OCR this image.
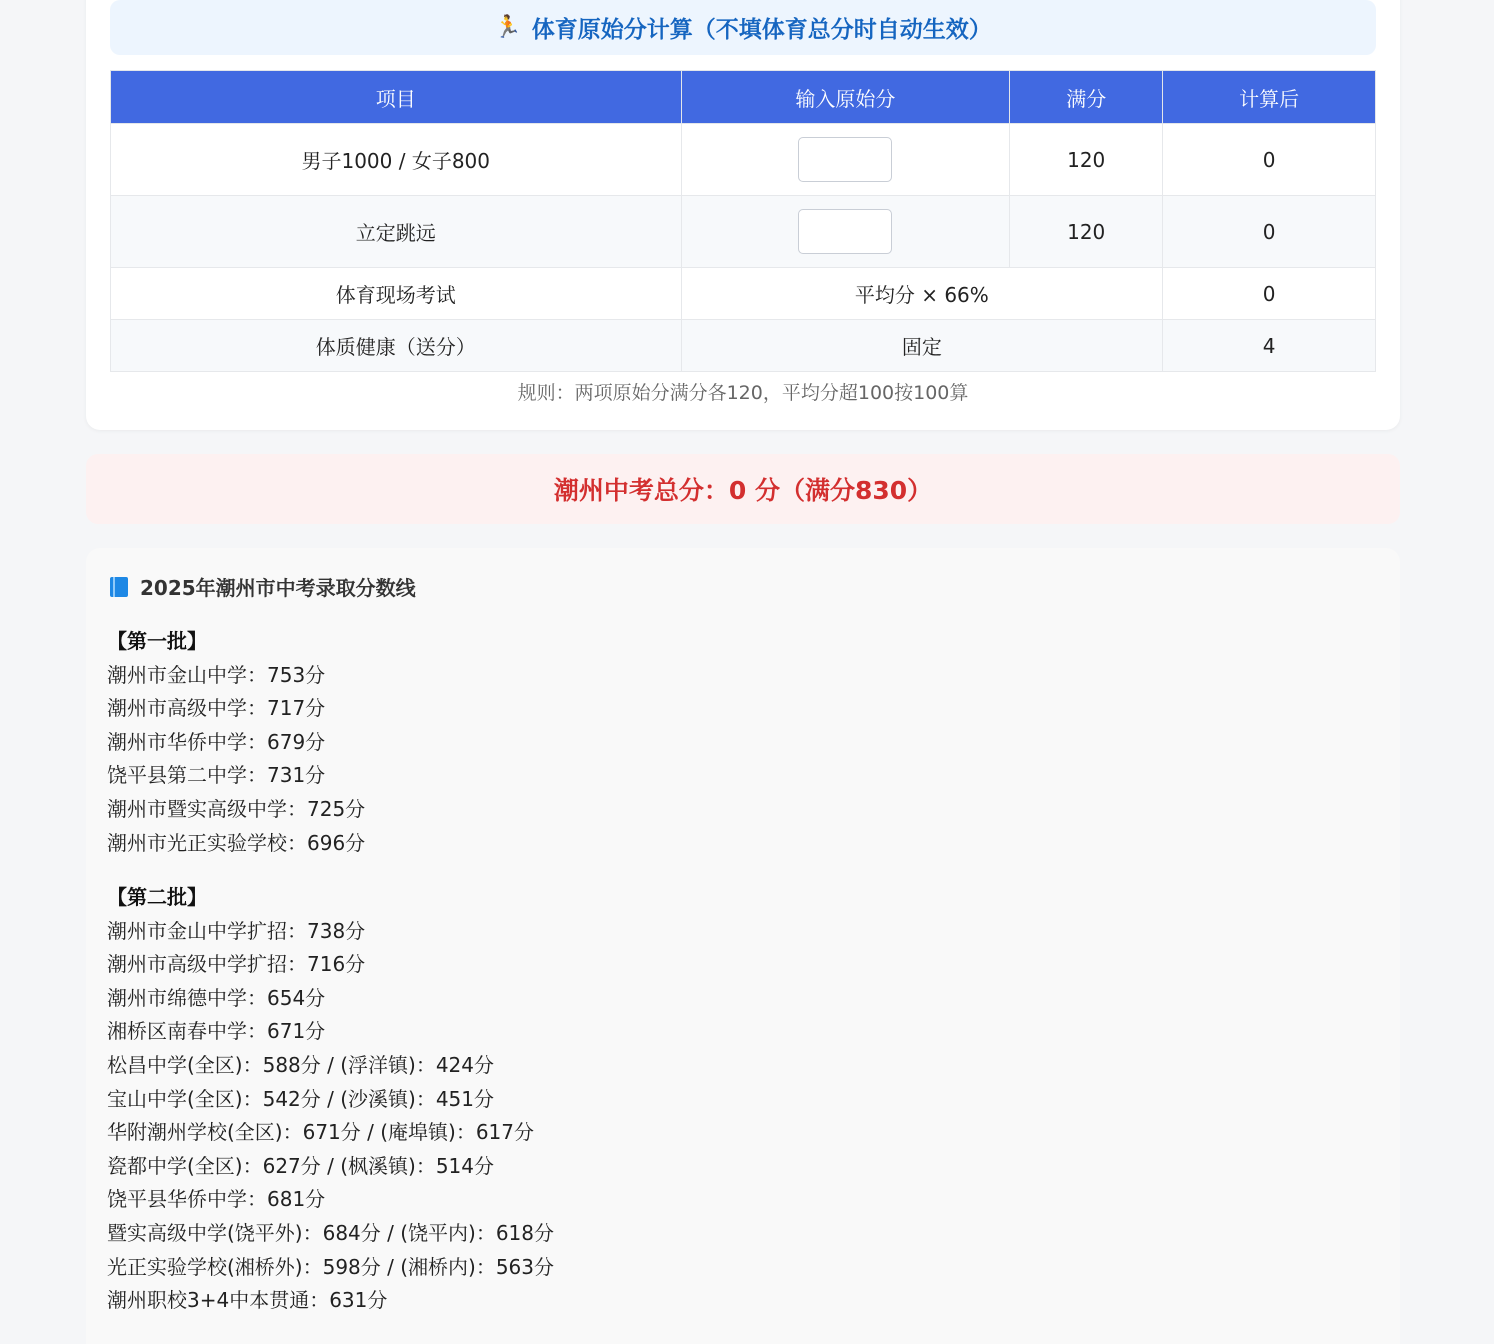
🏃 体育原始分计算（不填体育总分时自动生效）
项目	输入原始分	满分	计算后
男子1000 / 女子800		120	0
立定跳远		120	0
体育现场考试	平均分 × 66%		0
体质健康（送分）	固定		4
规则：两项原始分满分各120，平均分超100按100算
潮州中考总分：0 分（满分830）
2025年潮州市中考录取分数线
【第一批】
潮州市金山中学：753分
潮州市高级中学：717分
潮州市华侨中学：679分
饶平县第二中学：731分
潮州市暨实高级中学：725分
潮州市光正实验学校：696分
【第二批】
潮州市金山中学扩招：738分
潮州市高级中学扩招：716分
潮州市绵德中学：654分
湘桥区南春中学：671分
松昌中学(全区)：588分 / (浮洋镇)：424分
宝山中学(全区)：542分 / (沙溪镇)：451分
华附潮州学校(全区)：671分 / (庵埠镇)：617分
瓷都中学(全区)：627分 / (枫溪镇)：514分
饶平县华侨中学：681分
暨实高级中学(饶平外)：684分 / (饶平内)：618分
光正实验学校(湘桥外)：598分 / (湘桥内)：563分
潮州职校3+4中本贯通：631分
